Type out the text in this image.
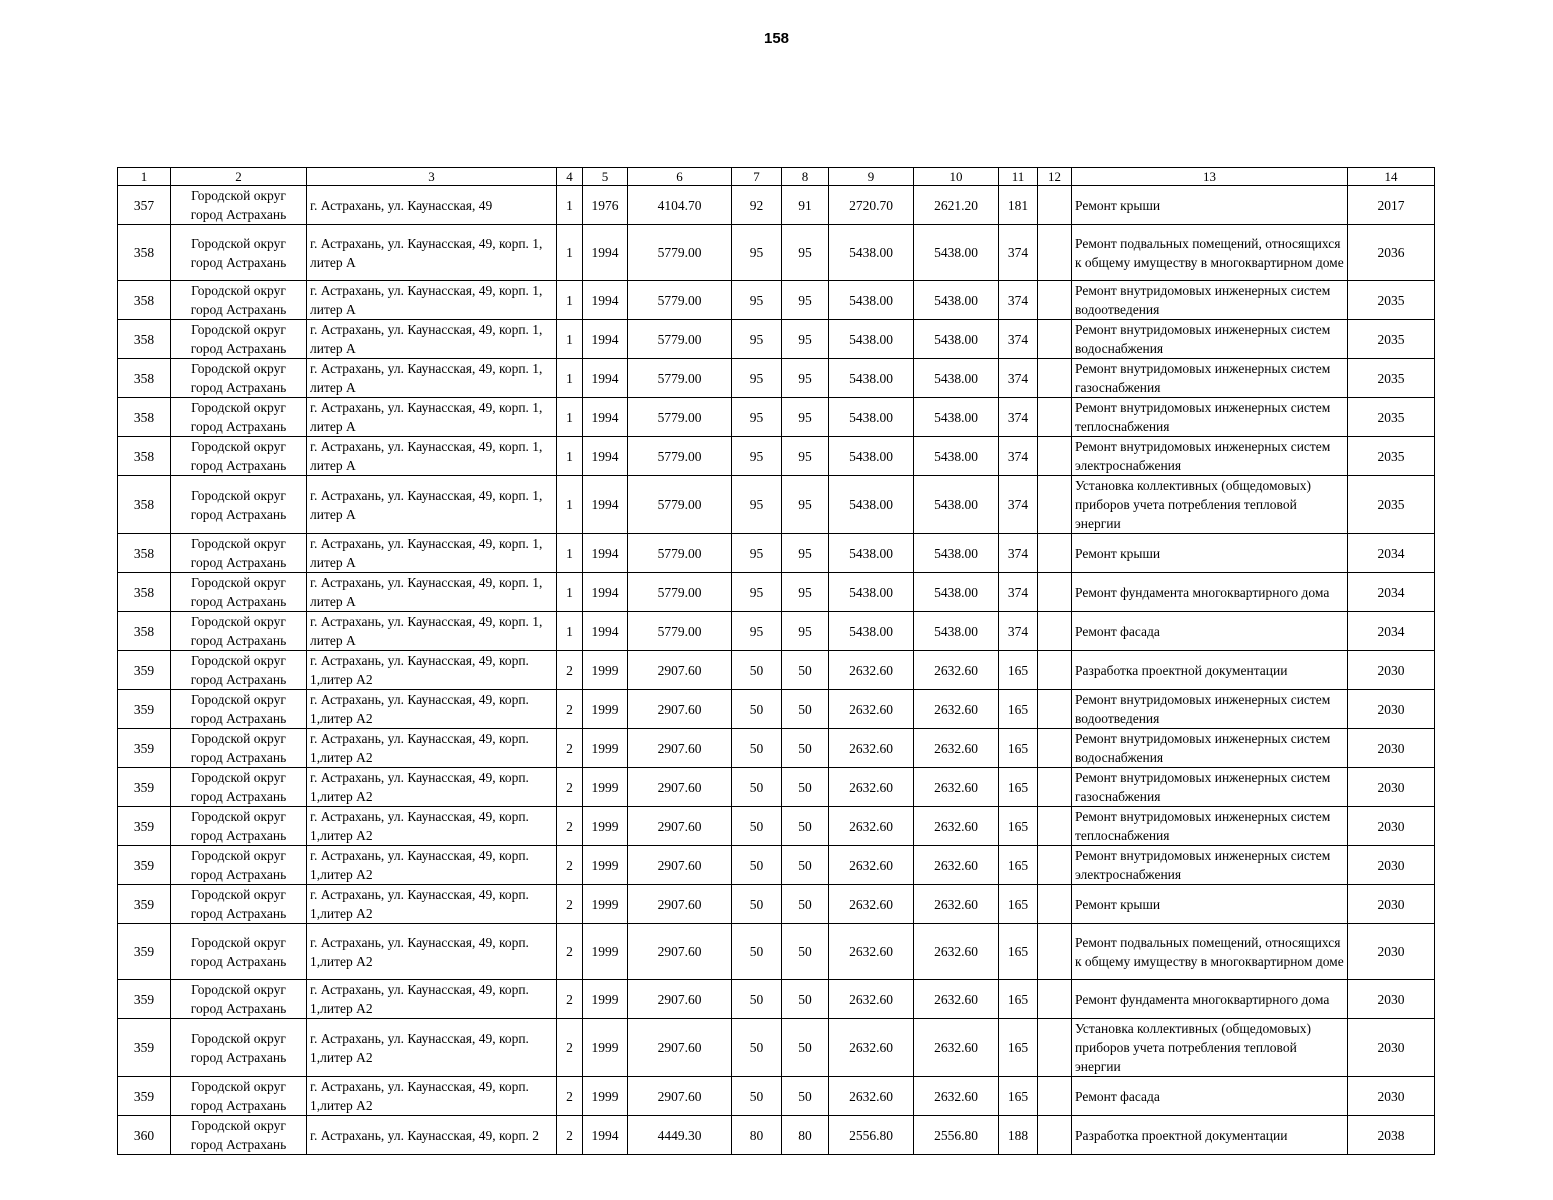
158
1	2	3	4	5	6	7	8	9	10	11	12	13	14
357	Городской округ город Астрахань	г. Астрахань, ул. Каунасская, 49	1	1976	4104.70	92	91	2720.70	2621.20	181		Ремонт крыши	2017
358	Городской округ город Астрахань	г. Астрахань, ул. Каунасская, 49, корп. 1, литер А	1	1994	5779.00	95	95	5438.00	5438.00	374		Ремонт подвальных помещений, относящихся к общему имуществу в многоквартирном доме	2036
358	Городской округ город Астрахань	г. Астрахань, ул. Каунасская, 49, корп. 1, литер А	1	1994	5779.00	95	95	5438.00	5438.00	374		Ремонт внутридомовых инженерных систем водоотведения	2035
358	Городской округ город Астрахань	г. Астрахань, ул. Каунасская, 49, корп. 1, литер А	1	1994	5779.00	95	95	5438.00	5438.00	374		Ремонт внутридомовых инженерных систем водоснабжения	2035
358	Городской округ город Астрахань	г. Астрахань, ул. Каунасская, 49, корп. 1, литер А	1	1994	5779.00	95	95	5438.00	5438.00	374		Ремонт внутридомовых инженерных систем газоснабжения	2035
358	Городской округ город Астрахань	г. Астрахань, ул. Каунасская, 49, корп. 1, литер А	1	1994	5779.00	95	95	5438.00	5438.00	374		Ремонт внутридомовых инженерных систем теплоснабжения	2035
358	Городской округ город Астрахань	г. Астрахань, ул. Каунасская, 49, корп. 1, литер А	1	1994	5779.00	95	95	5438.00	5438.00	374		Ремонт внутридомовых инженерных систем электроснабжения	2035
358	Городской округ город Астрахань	г. Астрахань, ул. Каунасская, 49, корп. 1, литер А	1	1994	5779.00	95	95	5438.00	5438.00	374		Установка коллективных (общедомовых) приборов учета потребления тепловой энергии	2035
358	Городской округ город Астрахань	г. Астрахань, ул. Каунасская, 49, корп. 1, литер А	1	1994	5779.00	95	95	5438.00	5438.00	374		Ремонт крыши	2034
358	Городской округ город Астрахань	г. Астрахань, ул. Каунасская, 49, корп. 1, литер А	1	1994	5779.00	95	95	5438.00	5438.00	374		Ремонт фундамента многоквартирного дома	2034
358	Городской округ город Астрахань	г. Астрахань, ул. Каунасская, 49, корп. 1, литер А	1	1994	5779.00	95	95	5438.00	5438.00	374		Ремонт фасада	2034
359	Городской округ город Астрахань	г. Астрахань, ул. Каунасская, 49, корп. 1,литер А2	2	1999	2907.60	50	50	2632.60	2632.60	165		Разработка проектной документации	2030
359	Городской округ город Астрахань	г. Астрахань, ул. Каунасская, 49, корп. 1,литер А2	2	1999	2907.60	50	50	2632.60	2632.60	165		Ремонт внутридомовых инженерных систем водоотведения	2030
359	Городской округ город Астрахань	г. Астрахань, ул. Каунасская, 49, корп. 1,литер А2	2	1999	2907.60	50	50	2632.60	2632.60	165		Ремонт внутридомовых инженерных систем водоснабжения	2030
359	Городской округ город Астрахань	г. Астрахань, ул. Каунасская, 49, корп. 1,литер А2	2	1999	2907.60	50	50	2632.60	2632.60	165		Ремонт внутридомовых инженерных систем газоснабжения	2030
359	Городской округ город Астрахань	г. Астрахань, ул. Каунасская, 49, корп. 1,литер А2	2	1999	2907.60	50	50	2632.60	2632.60	165		Ремонт внутридомовых инженерных систем теплоснабжения	2030
359	Городской округ город Астрахань	г. Астрахань, ул. Каунасская, 49, корп. 1,литер А2	2	1999	2907.60	50	50	2632.60	2632.60	165		Ремонт внутридомовых инженерных систем электроснабжения	2030
359	Городской округ город Астрахань	г. Астрахань, ул. Каунасская, 49, корп. 1,литер А2	2	1999	2907.60	50	50	2632.60	2632.60	165		Ремонт крыши	2030
359	Городской округ город Астрахань	г. Астрахань, ул. Каунасская, 49, корп. 1,литер А2	2	1999	2907.60	50	50	2632.60	2632.60	165		Ремонт подвальных помещений, относящихся к общему имуществу в многоквартирном доме	2030
359	Городской округ город Астрахань	г. Астрахань, ул. Каунасская, 49, корп. 1,литер А2	2	1999	2907.60	50	50	2632.60	2632.60	165		Ремонт фундамента многоквартирного дома	2030
359	Городской округ город Астрахань	г. Астрахань, ул. Каунасская, 49, корп. 1,литер А2	2	1999	2907.60	50	50	2632.60	2632.60	165		Установка коллективных (общедомовых) приборов учета потребления тепловой энергии	2030
359	Городской округ город Астрахань	г. Астрахань, ул. Каунасская, 49, корп. 1,литер А2	2	1999	2907.60	50	50	2632.60	2632.60	165		Ремонт фасада	2030
360	Городской округ город Астрахань	г. Астрахань, ул. Каунасская, 49, корп. 2	2	1994	4449.30	80	80	2556.80	2556.80	188		Разработка проектной документации	2038
